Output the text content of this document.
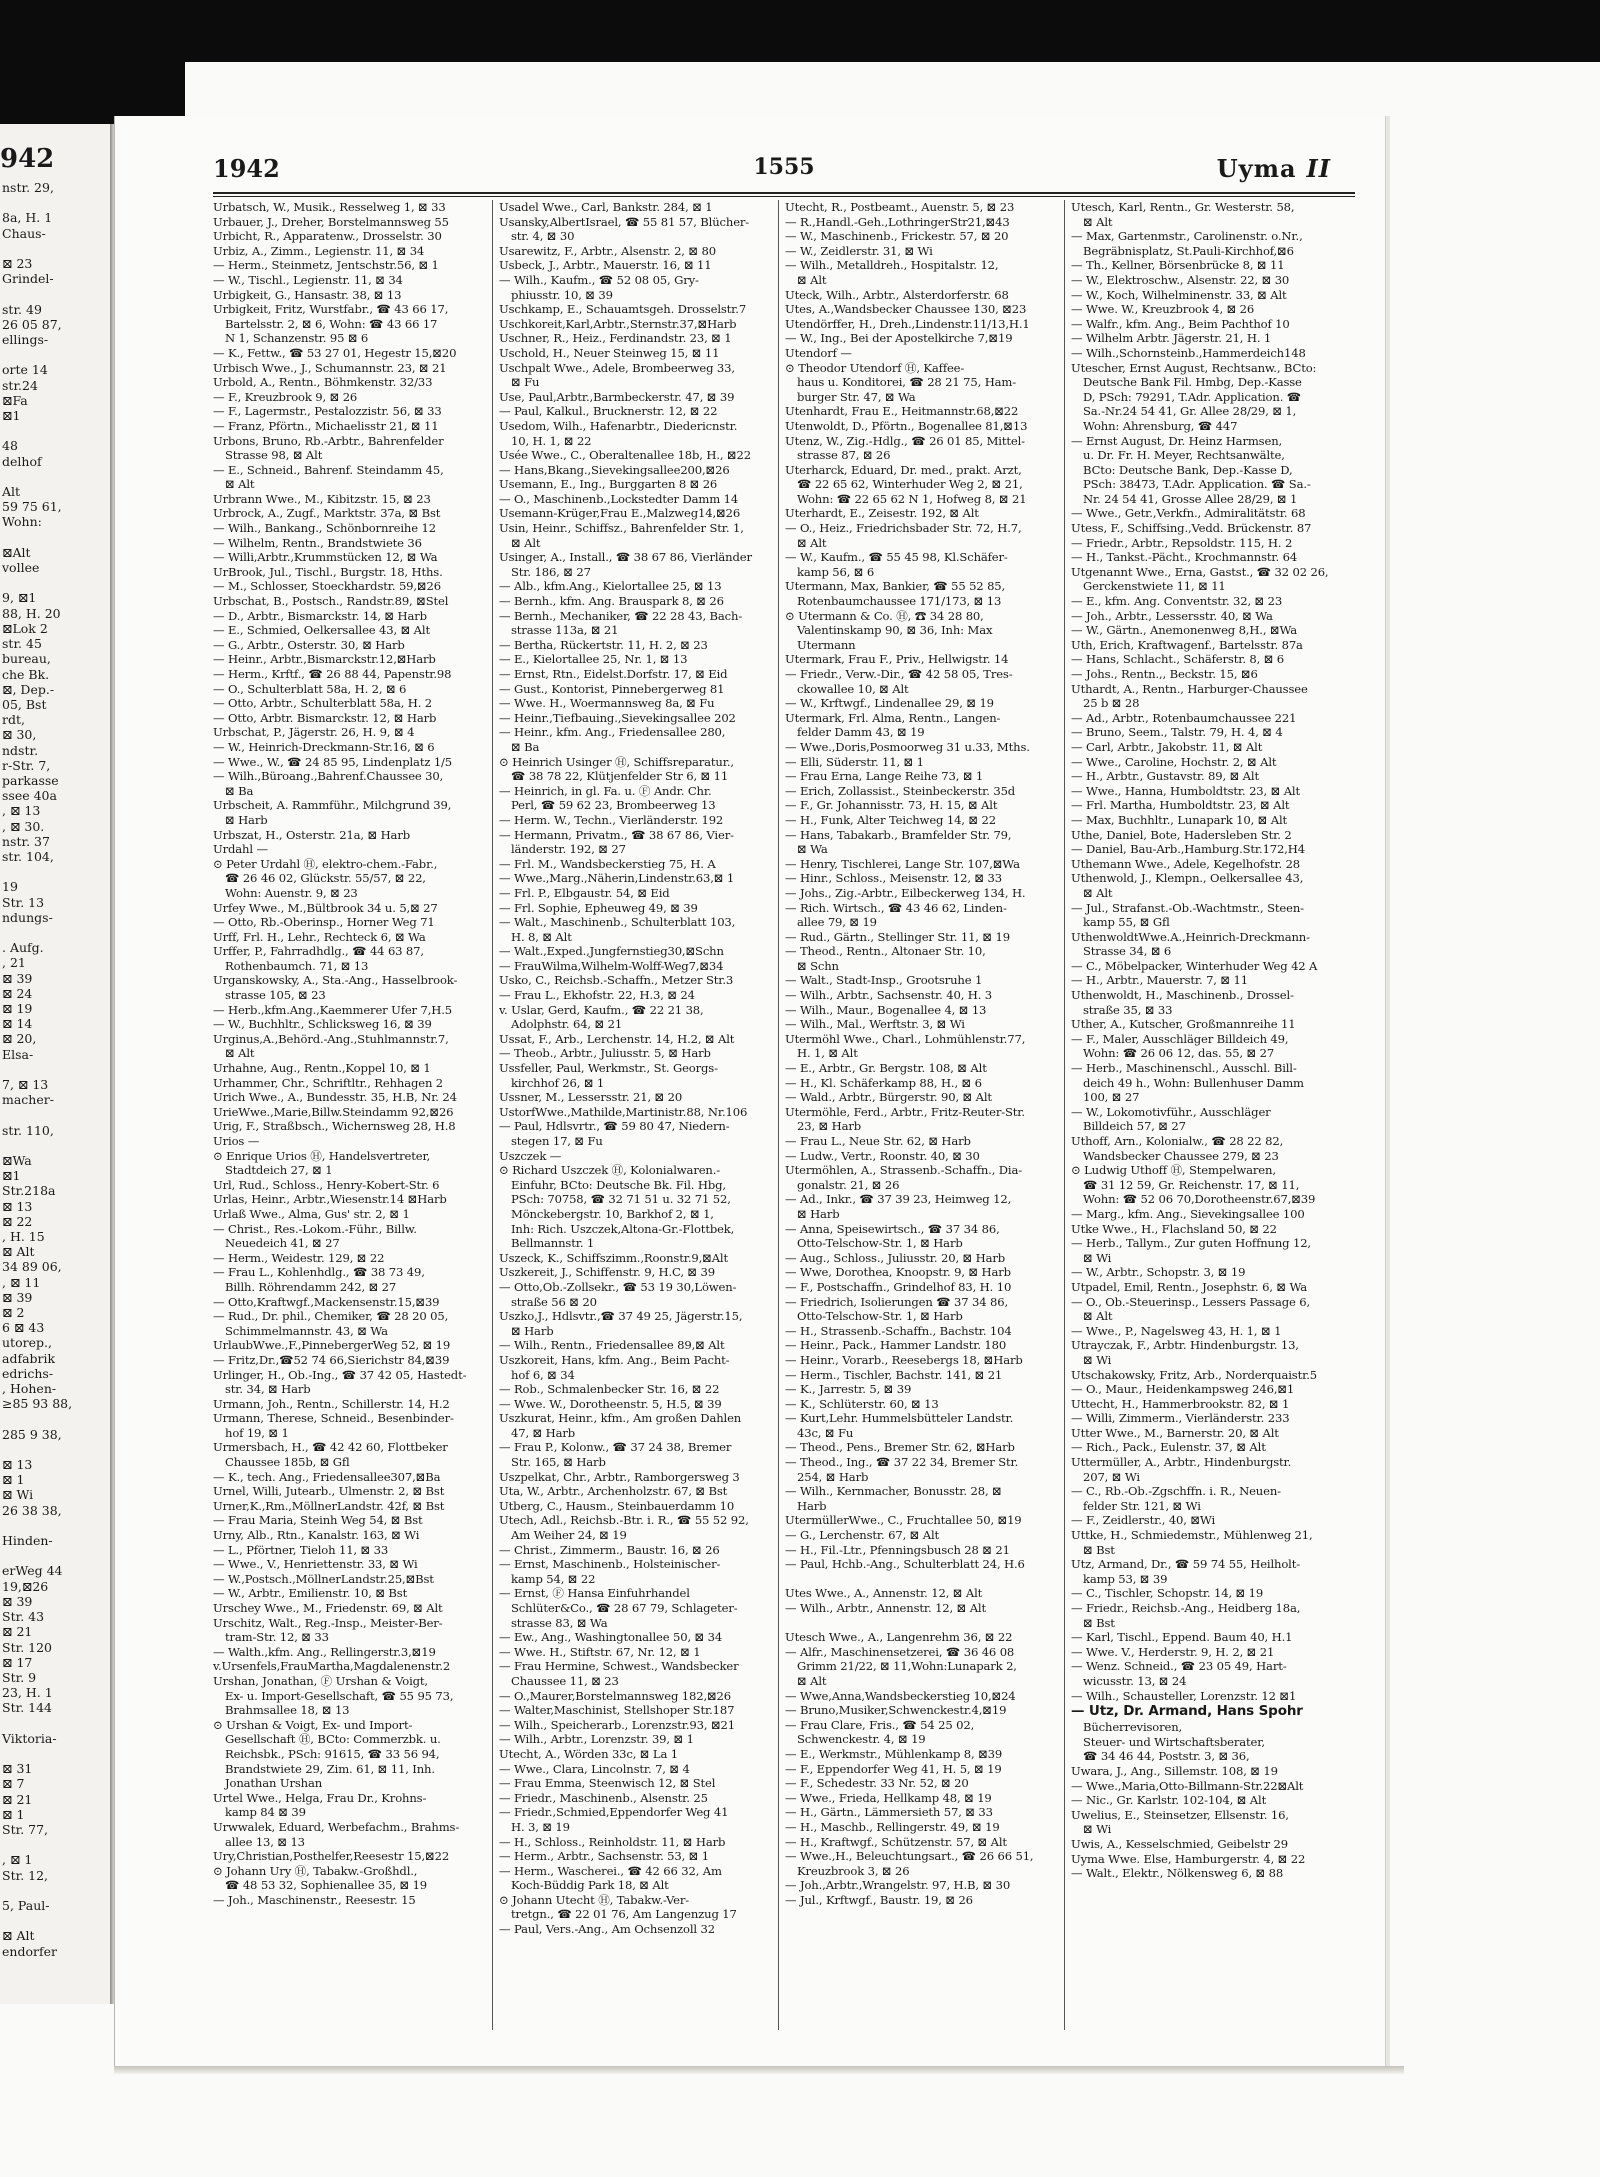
942
nstr. 29,

8a, H. 1
Chaus-

⊠ 23
Grindel-

str. 49
26 05 87,
ellings-

orte 14
str.24
⊠Fa
⊠1

48
delhof

Alt
59 75 61,
Wohn:

⊠Alt
vollee

9, ⊠1
88, H. 20
⊠Lok 2
str. 45
bureau,
che Bk.
⊠, Dep.-
05, Bst
rdt,
⊠ 30,
ndstr.
r-Str. 7,
parkasse
ssee 40a
, ⊠ 13
, ⊠ 30.
nstr. 37
str. 104,

19
Str. 13
ndungs-

. Aufg.
, 21
⊠ 39
⊠ 24
⊠ 19
⊠ 14
⊠ 20,
Elsa-

7, ⊠ 13
macher-

str. 110,

⊠Wa
⊠1
Str.218a
⊠ 13
⊠ 22
, H. 15
⊠ Alt
34 89 06,
, ⊠ 11
⊠ 39
⊠ 2
6 ⊠ 43
utorep.,
adfabrik
edrichs-
, Hohen-
≥85 93 88,

285 9 38,

⊠ 13
⊠ 1
⊠ Wi
26 38 38,

Hinden-

erWeg 44
19,⊠26
⊠ 39
Str. 43
⊠ 21
Str. 120
⊠ 17
Str. 9
23, H. 1
Str. 144

Viktoria-

⊠ 31
⊠ 7
⊠ 21
⊠ 1
Str. 77,

, ⊠ 1
Str. 12,

5, Paul-

⊠ Alt
endorfer
1942	1555	Uyma II
Urbatsch, W., Musik., Resselweg 1, ⊠ 33
Urbauer, J., Dreher, Borstelmannsweg 55
Urbicht, R., Apparatenw., Drosselstr. 30
Urbiz, A., Zimm., Legienstr. 11, ⊠ 34
— Herm., Steinmetz, Jentschstr.56, ⊠ 1
— W., Tischl., Legienstr. 11, ⊠ 34
Urbigkeit, G., Hansastr. 38, ⊠ 13
Urbigkeit, Fritz, Wurstfabr., ☎ 43 66 17,
Bartelsstr. 2, ⊠ 6, Wohn: ☎ 43 66 17
N 1, Schanzenstr. 95 ⊠ 6
— K., Fettw., ☎ 53 27 01, Hegestr 15,⊠20
Urbisch Wwe., J., Schumannstr. 23, ⊠ 21
Urbold, A., Rentn., Böhmkenstr. 32/33
— F., Kreuzbrook 9, ⊠ 26
— F., Lagermstr., Pestalozzistr. 56, ⊠ 33
— Franz, Pförtn., Michaelisstr 21, ⊠ 11
Urbons, Bruno, Rb.-Arbtr., Bahrenfelder
Strasse 98, ⊠ Alt
— E., Schneid., Bahrenf. Steindamm 45,
⊠ Alt
Urbrann Wwe., M., Kibitzstr. 15, ⊠ 23
Urbrock, A., Zugf., Marktstr. 37a, ⊠ Bst
— Wilh., Bankang., Schönbornreihe 12
— Wilhelm, Rentn., Brandstwiete 36
— Willi,Arbtr.,Krummstücken 12, ⊠ Wa
UrBrook, Jul., Tischl., Burgstr. 18, Hths.
— M., Schlosser, Stoeckhardstr. 59,⊠26
Urbschat, B., Postsch., Randstr.89, ⊠Stel
— D., Arbtr., Bismarckstr. 14, ⊠ Harb
— E., Schmied, Oelkersallee 43, ⊠ Alt
— G., Arbtr., Osterstr. 30, ⊠ Harb
— Heinr., Arbtr.,Bismarckstr.12,⊠Harb
— Herm., Krftf., ☎ 26 88 44, Papenstr.98
— O., Schulterblatt 58a, H. 2, ⊠ 6
— Otto, Arbtr., Schulterblatt 58a, H. 2
— Otto, Arbtr. Bismarckstr. 12, ⊠ Harb
Urbschat, P., Jägerstr. 26, H. 9, ⊠ 4
— W., Heinrich-Dreckmann-Str.16, ⊠ 6
— Wwe., W., ☎ 24 85 95, Lindenplatz 1/5
— Wilh.,Büroang.,Bahrenf.Chaussee 30,
⊠ Ba
Urbscheit, A. Rammführ., Milchgrund 39,
⊠ Harb
Urbszat, H., Osterstr. 21a, ⊠ Harb
Urdahl —
⊙ Peter Urdahl Ⓗ, elektro-chem.-Fabr.,
☎ 26 46 02, Glückstr. 55/57, ⊠ 22,
Wohn: Auenstr. 9, ⊠ 23
Urfey Wwe., M.,Bültbrook 34 u. 5,⊠ 27
— Otto, Rb.-Oberinsp., Horner Weg 71
Urff, Frl. H., Lehr., Rechteck 6, ⊠ Wa
Urffer, P., Fahrradhdlg., ☎ 44 63 87,
Rothenbaumch. 71, ⊠ 13
Urganskowsky, A., Sta.-Ang., Hasselbrook-
strasse 105, ⊠ 23
— Herb.,kfm.Ang.,Kaemmerer Ufer 7,H.5
— W., Buchhltr., Schlicksweg 16, ⊠ 39
Urginus,A.,Behörd.-Ang.,Stuhlmannstr.7,
⊠ Alt
Urhahne, Aug., Rentn.,Koppel 10, ⊠ 1
Urhammer, Chr., Schriftltr., Rehhagen 2
Urich Wwe., A., Bundesstr. 35, H.B, Nr. 24
UrieWwe.,Marie,Billw.Steindamm 92,⊠26
Urig, F., Straßbsch., Wichernsweg 28, H.8
Urios —
⊙ Enrique Urios Ⓗ, Handelsvertreter,
Stadtdeich 27, ⊠ 1
Url, Rud., Schloss., Henry-Kobert-Str. 6
Urlas, Heinr., Arbtr.,Wiesenstr.14 ⊠Harb
Urlaß Wwe., Alma, Gus' str. 2, ⊠ 1
— Christ., Res.-Lokom.-Führ., Billw.
Neuedeich 41, ⊠ 27
— Herm., Weidestr. 129, ⊠ 22
— Frau L., Kohlenhdlg., ☎ 38 73 49,
Billh. Röhrendamm 242, ⊠ 27
— Otto,Kraftwgf.,Mackensenstr.15,⊠39
— Rud., Dr. phil., Chemiker, ☎ 28 20 05,
Schimmelmannstr. 43, ⊠ Wa
UrlaubWwe.,F.,PinnebergerWeg 52, ⊠ 19
— Fritz,Dr.,☎52 74 66,Sierichstr 84,⊠39
Urlinger, H., Ob.-Ing., ☎ 37 42 05, Hastedt-
str. 34, ⊠ Harb
Urmann, Joh., Rentn., Schillerstr. 14, H.2
Urmann, Therese, Schneid., Besenbinder-
hof 19, ⊠ 1
Urmersbach, H., ☎ 42 42 60, Flottbeker
Chaussee 185b, ⊠ Gfl
— K., tech. Ang., Friedensallee307,⊠Ba
Urnel, Willi, Jutearb., Ulmenstr. 2, ⊠ Bst
Urner,K.,Rm.,MöllnerLandstr. 42f, ⊠ Bst
— Frau Maria, Steinh Weg 54, ⊠ Bst
Urny, Alb., Rtn., Kanalstr. 163, ⊠ Wi
— L., Pförtner, Tieloh 11, ⊠ 33
— Wwe., V., Henriettenstr. 33, ⊠ Wi
— W.,Postsch.,MöllnerLandstr.25,⊠Bst
— W., Arbtr., Emilienstr. 10, ⊠ Bst
Urschey Wwe., M., Friedenstr. 69, ⊠ Alt
Urschitz, Walt., Reg.-Insp., Meister-Ber-
tram-Str. 12, ⊠ 33
— Walth.,kfm. Ang., Rellingerstr.3,⊠19
v.Ursenfels,FrauMartha,Magdalenenstr.2
Urshan, Jonathan, Ⓕ Urshan & Voigt,
Ex- u. Import-Gesellschaft, ☎ 55 95 73,
Brahmsallee 18, ⊠ 13
⊙ Urshan & Voigt, Ex- und Import-
Gesellschaft Ⓗ, BCto: Commerzbk. u.
Reichsbk., PSch: 91615, ☎ 33 56 94,
Brandstwiete 29, Zim. 61, ⊠ 11, Inh.
Jonathan Urshan
Urtel Wwe., Helga, Frau Dr., Krohns-
kamp 84 ⊠ 39
Urwwalek, Eduard, Werbefachm., Brahms-
allee 13, ⊠ 13
Ury,Christian,Posthelfer,Reesestr 15,⊠22
⊙ Johann Ury Ⓗ, Tabakw.-Großhdl.,
☎ 48 53 32, Sophienallee 35, ⊠ 19
— Joh., Maschinenstr., Reesestr. 15
Usadel Wwe., Carl, Bankstr. 284, ⊠ 1
Usansky,AlbertIsrael, ☎ 55 81 57, Blücher-
str. 4, ⊠ 30
Usarewitz, F., Arbtr., Alsenstr. 2, ⊠ 80
Usbeck, J., Arbtr., Mauerstr. 16, ⊠ 11
— Wilh., Kaufm., ☎ 52 08 05, Gry-
phiusstr. 10, ⊠ 39
Uschkamp, E., Schauamtsgeh. Drosselstr.7
Uschkoreit,Karl,Arbtr.,Sternstr.37,⊠Harb
Uschner, R., Heiz., Ferdinandstr. 23, ⊠ 1
Uschold, H., Neuer Steinweg 15, ⊠ 11
Uschpalt Wwe., Adele, Brombeerweg 33,
⊠ Fu
Use, Paul,Arbtr.,Barmbeckerstr. 47, ⊠ 39
— Paul, Kalkul., Brucknerstr. 12, ⊠ 22
Usedom, Wilh., Hafenarbtr., Diedericnstr.
10, H. 1, ⊠ 22
Usée Wwe., C., Oberaltenallee 18b, H., ⊠22
— Hans,Bkang.,Sievekingsallee200,⊠26
Usemann, E., Ing., Burggarten 8 ⊠ 26
— O., Maschinenb.,Lockstedter Damm 14
Usemann-Krüger,Frau E.,Malzweg14,⊠26
Usin, Heinr., Schiffsz., Bahrenfelder Str. 1,
⊠ Alt
Usinger, A., Install., ☎ 38 67 86, Vierländer
Str. 186, ⊠ 27
— Alb., kfm.Ang., Kielortallee 25, ⊠ 13
— Bernh., kfm. Ang. Brauspark 8, ⊠ 26
— Bernh., Mechaniker, ☎ 22 28 43, Bach-
strasse 113a, ⊠ 21
— Bertha, Rückertstr. 11, H. 2, ⊠ 23
— E., Kielortallee 25, Nr. 1, ⊠ 13
— Ernst, Rtn., Eidelst.Dorfstr. 17, ⊠ Eid
— Gust., Kontorist, Pinnebergerweg 81
— Wwe. H., Woermannsweg 8a, ⊠ Fu
— Heinr.,Tiefbauing.,Sievekingsallee 202
— Heinr., kfm. Ang., Friedensallee 280,
⊠ Ba
⊙ Heinrich Usinger Ⓗ, Schiffsreparatur.,
☎ 38 78 22, Klütjenfelder Str 6, ⊠ 11
— Heinrich, in gl. Fa. u. Ⓕ Andr. Chr.
Perl, ☎ 59 62 23, Brombeerweg 13
— Herm. W., Techn., Vierländerstr. 192
— Hermann, Privatm., ☎ 38 67 86, Vier-
länderstr. 192, ⊠ 27
— Frl. M., Wandsbeckerstieg 75, H. A
— Wwe.,Marg.,Näherin,Lindenstr.63,⊠ 1
— Frl. P., Elbgaustr. 54, ⊠ Eid
— Frl. Sophie, Epheuweg 49, ⊠ 39
— Walt., Maschinenb., Schulterblatt 103,
H. 8, ⊠ Alt
— Walt.,Exped.,Jungfernstieg30,⊠Schn
— FrauWilma,Wilhelm-Wolff-Weg7,⊠34
Usko, C., Reichsb.-Schaffn., Metzer Str.3
— Frau L., Ekhofstr. 22, H.3, ⊠ 24
v. Uslar, Gerd, Kaufm., ☎ 22 21 38,
Adolphstr. 64, ⊠ 21
Ussat, F., Arb., Lerchenstr. 14, H.2, ⊠ Alt
— Theob., Arbtr., Juliusstr. 5, ⊠ Harb
Ussfeller, Paul, Werkmstr., St. Georgs-
kirchhof 26, ⊠ 1
Ussner, M., Lessersstr. 21, ⊠ 20
UstorfWwe.,Mathilde,Martinistr.88, Nr.106
— Paul, Hdlsvrtr., ☎ 59 80 47, Niedern-
stegen 17, ⊠ Fu
Uszczek —
⊙ Richard Uszczek Ⓗ, Kolonialwaren.-
Einfuhr, BCto: Deutsche Bk. Fil. Hbg,
PSch: 70758, ☎ 32 71 51 u. 32 71 52,
Mönckebergstr. 10, Barkhof 2, ⊠ 1,
Inh: Rich. Uszczek,Altona-Gr.-Flottbek,
Bellmannstr. 1
Uszeck, K., Schiffszimm.,Roonstr.9,⊠Alt
Uszkereit, J., Schiffenstr. 9, H.C, ⊠ 39
— Otto,Ob.-Zollsekr., ☎ 53 19 30,Löwen-
straße 56 ⊠ 20
Uszko,J., Hdlsvtr.,☎ 37 49 25, Jägerstr.15,
⊠ Harb
— Wilh., Rentn., Friedensallee 89,⊠ Alt
Uszkoreit, Hans, kfm. Ang., Beim Pacht-
hof 6, ⊠ 34
— Rob., Schmalenbecker Str. 16, ⊠ 22
— Wwe. W., Dorotheenstr. 5, H.5, ⊠ 39
Uszkurat, Heinr., kfm., Am großen Dahlen
47, ⊠ Harb
— Frau P., Kolonw., ☎ 37 24 38, Bremer
Str. 165, ⊠ Harb
Uszpelkat, Chr., Arbtr., Ramborgersweg 3
Uta, W., Arbtr., Archenholzstr. 67, ⊠ Bst
Utberg, C., Hausm., Steinbauerdamm 10
Utech, Adl., Reichsb.-Btr. i. R., ☎ 55 52 92,
Am Weiher 24, ⊠ 19
— Christ., Zimmerm., Baustr. 16, ⊠ 26
— Ernst, Maschinenb., Holsteinischer-
kamp 54, ⊠ 22
— Ernst, Ⓕ Hansa Einfuhrhandel
Schlüter&Co., ☎ 28 67 79, Schlageter-
strasse 83, ⊠ Wa
— Ew., Ang., Washingtonallee 50, ⊠ 34
— Wwe. H., Stiftstr. 67, Nr. 12, ⊠ 1
— Frau Hermine, Schwest., Wandsbecker
Chaussee 11, ⊠ 23
— O.,Maurer,Borstelmannsweg 182,⊠26
— Walter,Maschinist, Stellshoper Str.187
— Wilh., Speicherarb., Lorenzstr.93, ⊠21
— Wilh., Arbtr., Lorenzstr. 39, ⊠ 1
Utecht, A., Wörden 33c, ⊠ La 1
— Wwe., Clara, Lincolnstr. 7, ⊠ 4
— Frau Emma, Steenwisch 12, ⊠ Stel
— Friedr., Maschinenb., Alsenstr. 25
— Friedr.,Schmied,Eppendorfer Weg 41
H. 3, ⊠ 19
— H., Schloss., Reinholdstr. 11, ⊠ Harb
— Herm., Arbtr., Sachsenstr. 53, ⊠ 1
— Herm., Wascherei., ☎ 42 66 32, Am
Koch-Büddig Park 18, ⊠ Alt
⊙ Johann Utecht Ⓗ, Tabakw.-Ver-
tretgn., ☎ 22 01 76, Am Langenzug 17
— Paul, Vers.-Ang., Am Ochsenzoll 32
Utecht, R., Postbeamt., Auenstr. 5, ⊠ 23
— R.,Handl.-Geh.,LothringerStr21,⊠43
— W., Maschinenb., Frickestr. 57, ⊠ 20
— W., Zeidlerstr. 31, ⊠ Wi
— Wilh., Metalldreh., Hospitalstr. 12,
⊠ Alt
Uteck, Wilh., Arbtr., Alsterdorferstr. 68
Utes, A.,Wandsbecker Chaussee 130, ⊠23
Utendörffer, H., Dreh.,Lindenstr.11/13,H.1
— W., Ing., Bei der Apostelkirche 7,⊠19
Utendorf —
⊙ Theodor Utendorf Ⓗ, Kaffee-
haus u. Konditorei, ☎ 28 21 75, Ham-
burger Str. 47, ⊠ Wa
Utenhardt, Frau E., Heitmannstr.68,⊠22
Utenwoldt, D., Pförtn., Bogenallee 81,⊠13
Utenz, W., Zig.-Hdlg., ☎ 26 01 85, Mittel-
strasse 87, ⊠ 26
Uterharck, Eduard, Dr. med., prakt. Arzt,
☎ 22 65 62, Winterhuder Weg 2, ⊠ 21,
Wohn: ☎ 22 65 62 N 1, Hofweg 8, ⊠ 21
Uterhardt, E., Zeisestr. 192, ⊠ Alt
— O., Heiz., Friedrichsbader Str. 72, H.7,
⊠ Alt
— W., Kaufm., ☎ 55 45 98, Kl.Schäfer-
kamp 56, ⊠ 6
Utermann, Max, Bankier, ☎ 55 52 85,
Rotenbaumchaussee 171/173, ⊠ 13
⊙ Utermann & Co. Ⓗ, ☎ 34 28 80,
Valentinskamp 90, ⊠ 36, Inh: Max
Utermann
Utermark, Frau F., Priv., Hellwigstr. 14
— Friedr., Verw.-Dir., ☎ 42 58 05, Tres-
ckowallee 10, ⊠ Alt
— W., Krftwgf., Lindenallee 29, ⊠ 19
Utermark, Frl. Alma, Rentn., Langen-
felder Damm 43, ⊠ 19
— Wwe.,Doris,Posmoorweg 31 u.33, Mths.
— Elli, Süderstr. 11, ⊠ 1
— Frau Erna, Lange Reihe 73, ⊠ 1
— Erich, Zollassist., Steinbeckerstr. 35d
— F., Gr. Johannisstr. 73, H. 15, ⊠ Alt
— H., Funk, Alter Teichweg 14, ⊠ 22
— Hans, Tabakarb., Bramfelder Str. 79,
⊠ Wa
— Henry, Tischlerei, Lange Str. 107,⊠Wa
— Hinr., Schloss., Meisenstr. 12, ⊠ 33
— Johs., Zig.-Arbtr., Eilbeckerweg 134, H.
— Rich. Wirtsch., ☎ 43 46 62, Linden-
allee 79, ⊠ 19
— Rud., Gärtn., Stellinger Str. 11, ⊠ 19
— Theod., Rentn., Altonaer Str. 10,
⊠ Schn
— Walt., Stadt-Insp., Grootsruhe 1
— Wilh., Arbtr., Sachsenstr. 40, H. 3
— Wilh., Maur., Bogenallee 4, ⊠ 13
— Wilh., Mal., Werftstr. 3, ⊠ Wi
Utermöhl Wwe., Charl., Lohmühlenstr.77,
H. 1, ⊠ Alt
— E., Arbtr., Gr. Bergstr. 108, ⊠ Alt
— H., Kl. Schäferkamp 88, H., ⊠ 6
— Wald., Arbtr., Bürgerstr. 90, ⊠ Alt
Utermöhle, Ferd., Arbtr., Fritz-Reuter-Str.
23, ⊠ Harb
— Frau L., Neue Str. 62, ⊠ Harb
— Ludw., Vertr., Roonstr. 40, ⊠ 30
Utermöhlen, A., Strassenb.-Schaffn., Dia-
gonalstr. 21, ⊠ 26
— Ad., Inkr., ☎ 37 39 23, Heimweg 12,
⊠ Harb
— Anna, Speisewirtsch., ☎ 37 34 86,
Otto-Telschow-Str. 1, ⊠ Harb
— Aug., Schloss., Juliusstr. 20, ⊠ Harb
— Wwe, Dorothea, Knoopstr. 9, ⊠ Harb
— F., Postschaffn., Grindelhof 83, H. 10
— Friedrich, Isolierungen ☎ 37 34 86,
Otto-Telschow-Str. 1, ⊠ Harb
— H., Strassenb.-Schaffn., Bachstr. 104
— Heinr., Pack., Hammer Landstr. 180
— Heinr., Vorarb., Reesebergs 18, ⊠Harb
— Herm., Tischler, Bachstr. 141, ⊠ 21
— K., Jarrestr. 5, ⊠ 39
— K., Schlüterstr. 60, ⊠ 13
— Kurt,Lehr. Hummelsbütteler Landstr.
43c, ⊠ Fu
— Theod., Pens., Bremer Str. 62, ⊠Harb
— Theod., Ing., ☎ 37 22 34, Bremer Str.
254, ⊠ Harb
— Wilh., Kernmacher, Bonusstr. 28, ⊠
Harb
UtermüllerWwe., C., Fruchtallee 50, ⊠19
— G., Lerchenstr. 67, ⊠ Alt
— H., Fil.-Ltr., Pfenningsbusch 28 ⊠ 21
— Paul, Hchb.-Ang., Schulterblatt 24, H.6

Utes Wwe., A., Annenstr. 12, ⊠ Alt
— Wilh., Arbtr., Annenstr. 12, ⊠ Alt

Utesch Wwe., A., Langenrehm 36, ⊠ 22
— Alfr., Maschinensetzerei, ☎ 36 46 08
Grimm 21/22, ⊠ 11,Wohn:Lunapark 2,
⊠ Alt
— Wwe,Anna,Wandsbeckerstieg 10,⊠24
— Bruno,Musiker,Schwenckestr.4,⊠19
— Frau Clare, Fris., ☎ 54 25 02,
Schwenckestr. 4, ⊠ 19
— E., Werkmstr., Mühlenkamp 8, ⊠39
— F., Eppendorfer Weg 41, H. 5, ⊠ 19
— F., Schedestr. 33 Nr. 52, ⊠ 20
— Wwe., Frieda, Hellkamp 48, ⊠ 19
— H., Gärtn., Lämmersieth 57, ⊠ 33
— H., Maschb., Rellingerstr. 49, ⊠ 19
— H., Kraftwgf., Schützenstr. 57, ⊠ Alt
— Wwe.,H., Beleuchtungsart., ☎ 26 66 51,
Kreuzbrook 3, ⊠ 26
— Joh.,Arbtr.,Wrangelstr. 97, H.B, ⊠ 30
— Jul., Krftwgf., Baustr. 19, ⊠ 26
Utesch, Karl, Rentn., Gr. Westerstr. 58,
⊠ Alt
— Max, Gartenmstr., Carolinenstr. o.Nr.,
Begräbnisplatz, St.Pauli-Kirchhof,⊠6
— Th., Kellner, Börsenbrücke 8, ⊠ 11
— W., Elektroschw., Alsenstr. 22, ⊠ 30
— W., Koch, Wilhelminenstr. 33, ⊠ Alt
— Wwe. W., Kreuzbrook 4, ⊠ 26
— Walfr., kfm. Ang., Beim Pachthof 10
— Wilhelm Arbtr. Jägerstr. 21, H. 1
— Wilh.,Schornsteinb.,Hammerdeich148
Utescher, Ernst August, Rechtsanw., BCto:
Deutsche Bank Fil. Hmbg, Dep.-Kasse
D, PSch: 79291, T.Adr. Application. ☎
Sa.-Nr.24 54 41, Gr. Allee 28/29, ⊠ 1,
Wohn: Ahrensburg, ☎ 447
— Ernst August, Dr. Heinz Harmsen,
u. Dr. Fr. H. Meyer, Rechtsanwälte,
BCto: Deutsche Bank, Dep.-Kasse D,
PSch: 38473, T.Adr. Application. ☎ Sa.-
Nr. 24 54 41, Grosse Allee 28/29, ⊠ 1
— Wwe., Getr.,Verkfn., Admiralitätstr. 68
Utess, F., Schiffsing.,Vedd. Brückenstr. 87
— Friedr., Arbtr., Repsoldstr. 115, H. 2
— H., Tankst.-Pächt., Krochmannstr. 64
Utgenannt Wwe., Erna, Gastst., ☎ 32 02 26,
Gerckenstwiete 11, ⊠ 11
— E., kfm. Ang. Conventstr. 32, ⊠ 23
— Joh., Arbtr., Lessersstr. 40, ⊠ Wa
— W., Gärtn., Anemonenweg 8,H., ⊠Wa
Uth, Erich, Kraftwagenf., Bartelsstr. 87a
— Hans, Schlacht., Schäferstr. 8, ⊠ 6
— Johs., Rentn.,, Beckstr. 15, ⊠6
Uthardt, A., Rentn., Harburger-Chaussee
25 b ⊠ 28
— Ad., Arbtr., Rotenbaumchaussee 221
— Bruno, Seem., Talstr. 79, H. 4, ⊠ 4
— Carl, Arbtr., Jakobstr. 11, ⊠ Alt
— Wwe., Caroline, Hochstr. 2, ⊠ Alt
— H., Arbtr., Gustavstr. 89, ⊠ Alt
— Wwe., Hanna, Humboldtstr. 23, ⊠ Alt
— Frl. Martha, Humboldtstr. 23, ⊠ Alt
— Max, Buchhltr., Lunapark 10, ⊠ Alt
Uthe, Daniel, Bote, Hadersleben Str. 2
— Daniel, Bau-Arb.,Hamburg.Str.172,H4
Uthemann Wwe., Adele, Kegelhofstr. 28
Uthenwold, J., Klempn., Oelkersallee 43,
⊠ Alt
— Jul., Strafanst.-Ob.-Wachtmstr., Steen-
kamp 55, ⊠ Gfl
UthenwoldtWwe.A.,Heinrich-Dreckmann-
Strasse 34, ⊠ 6
— C., Möbelpacker, Winterhuder Weg 42 A
— H., Arbtr., Mauerstr. 7, ⊠ 11
Uthenwoldt, H., Maschinenb., Drossel-
straße 35, ⊠ 33
Uther, A., Kutscher, Großmannreihe 11
— F., Maler, Ausschläger Billdeich 49,
Wohn: ☎ 26 06 12, das. 55, ⊠ 27
— Herb., Maschinenschl., Ausschl. Bill-
deich 49 h., Wohn: Bullenhuser Damm
100, ⊠ 27
— W., Lokomotivführ., Ausschläger
Billdeich 57, ⊠ 27
Uthoff, Arn., Kolonialw., ☎ 28 22 82,
Wandsbecker Chaussee 279, ⊠ 23
⊙ Ludwig Uthoff Ⓗ, Stempelwaren,
☎ 31 12 59, Gr. Reichenstr. 17, ⊠ 11,
Wohn: ☎ 52 06 70,Dorotheenstr.67,⊠39
— Marg., kfm. Ang., Sievekingsallee 100
Utke Wwe., H., Flachsland 50, ⊠ 22
— Herb., Tallym., Zur guten Hoffnung 12,
⊠ Wi
— W., Arbtr., Schopstr. 3, ⊠ 19
Utpadel, Emil, Rentn., Josephstr. 6, ⊠ Wa
— O., Ob.-Steuerinsp., Lessers Passage 6,
⊠ Alt
— Wwe., P., Nagelsweg 43, H. 1, ⊠ 1
Utrayczak, F., Arbtr. Hindenburgstr. 13,
⊠ Wi
Utschakowsky, Fritz, Arb., Norderquaistr.5
— O., Maur., Heidenkampsweg 246,⊠1
Uttecht, H., Hammerbrookstr. 82, ⊠ 1
— Willi, Zimmerm., Vierländerstr. 233
Utter Wwe., M., Barnerstr. 20, ⊠ Alt
— Rich., Pack., Eulenstr. 37, ⊠ Alt
Uttermüller, A., Arbtr., Hindenburgstr.
207, ⊠ Wi
— C., Rb.-Ob.-Zgschffn. i. R., Neuen-
felder Str. 121, ⊠ Wi
— F., Zeidlerstr., 40, ⊠Wi
Uttke, H., Schmiedemstr., Mühlenweg 21,
⊠ Bst
Utz, Armand, Dr., ☎ 59 74 55, Heilholt-
kamp 53, ⊠ 39
— C., Tischler, Schopstr. 14, ⊠ 19
— Friedr., Reichsb.-Ang., Heidberg 18a,
⊠ Bst
— Karl, Tischl., Eppend. Baum 40, H.1
— Wwe. V., Herderstr. 9, H. 2, ⊠ 21
— Wenz. Schneid., ☎ 23 05 49, Hart-
wicusstr. 13, ⊠ 24
— Wilh., Schausteller, Lorenzstr. 12 ⊠1
— Utz, Dr. Armand, Hans Spohr
Bücherrevisoren,
Steuer- und Wirtschaftsberater,
☎ 34 46 44, Poststr. 3, ⊠ 36,
Uwara, J., Ang., Sillemstr. 108, ⊠ 19
— Wwe.,Maria,Otto-Billmann-Str.22⊠Alt
— Nic., Gr. Karlstr. 102-104, ⊠ Alt
Uwelius, E., Steinsetzer, Ellsenstr. 16,
⊠ Wi
Uwis, A., Kesselschmied, Geibelstr 29
Uyma Wwe. Else, Hamburgerstr. 4, ⊠ 22
— Walt., Elektr., Nölkensweg 6, ⊠ 88
